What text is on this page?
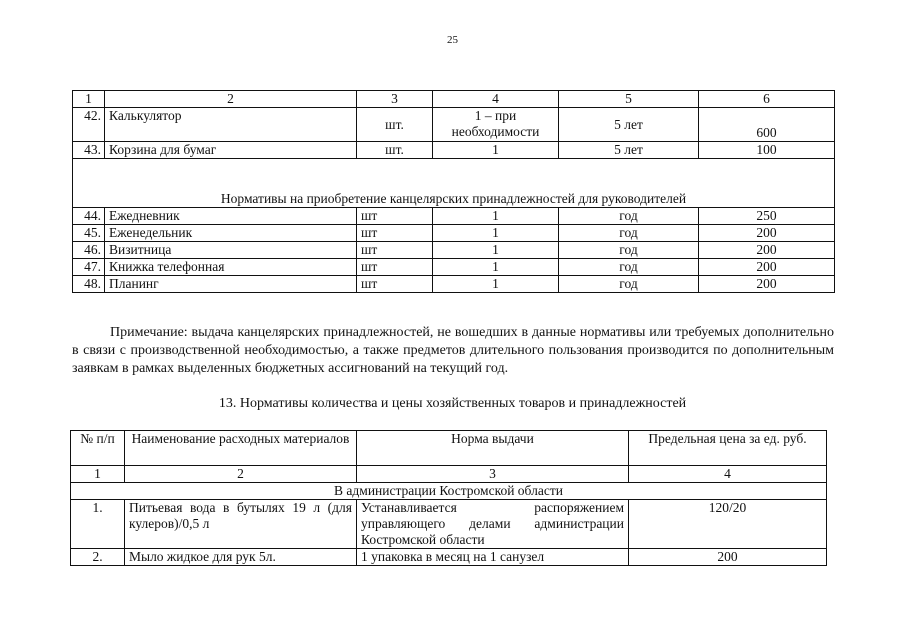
25
1	2	3	4	5	6
42.	Калькулятор	шт.	1 – при необходимости	5 лет	600
43.	Корзина для бумаг	шт.	1	5 лет	100
Нормативы на приобретение канцелярских принадлежностей для руководителей					
44.	Ежедневник	шт	1	год	250
45.	Еженедельник	шт	1	год	200
46.	Визитница	шт	1	год	200
47.	Книжка телефонная	шт	1	год	200
48.	Планинг	шт	1	год	200

Примечание: выдача канцелярских принадлежностей, не вошедших в данные нормативы или требуемых дополнительно в связи с производственной необходимостью, а также предметов длительного пользования производится по дополнительным заявкам в рамках выделенных бюджетных ассигнований на текущий год.

13. Нормативы количества и цены хозяйственных товаров и принадлежностей

№ п/п	Наименование расходных материалов	Норма выдачи	Предельная цена за ед. руб.
1	2	3	4
В администрации Костромской области			
1.	Питьевая вода в бутылях 19 л (для кулеров)/0,5 л	Устанавливается распоряжением управляющего делами администрации Костромской области	120/20
2.	Мыло жидкое для рук 5л.	1 упаковка в месяц на 1 санузел	200
